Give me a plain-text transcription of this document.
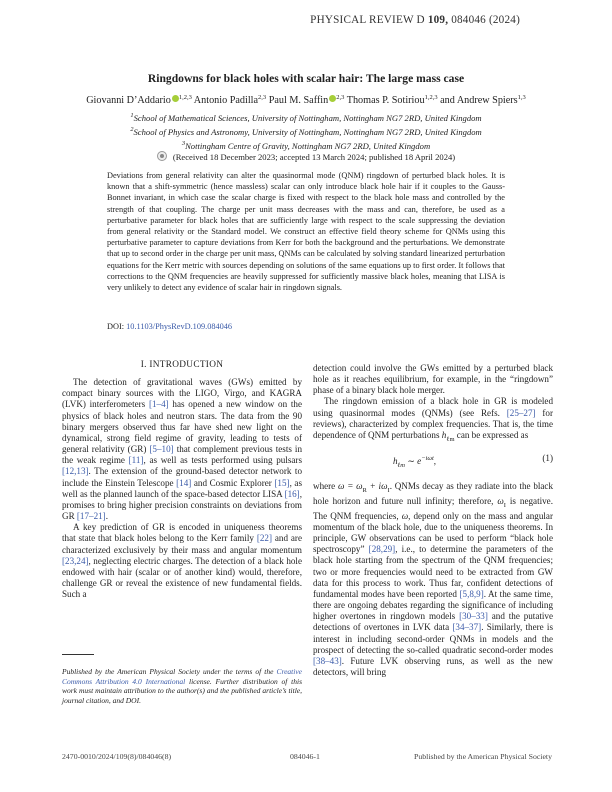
PHYSICAL REVIEW D 109, 084046 (2024)
Ringdowns for black holes with scalar hair: The large mass case
Giovanni D’Addario $^{1,2,3}$ Antonio Padilla$^{2,3}$ Paul M. Saffin $^{2,3}$ Thomas P. Sotiriou$^{1,2,3}$ and Andrew Spiers$^{1,3}$
$^1$School of Mathematical Sciences, University of Nottingham, Nottingham NG7 2RD, United Kingdom
$^2$School of Physics and Astronomy, University of Nottingham, Nottingham NG7 2RD, United Kingdom
$^3$Nottingham Centre of Gravity, Nottingham NG7 2RD, United Kingdom
(Received 18 December 2023; accepted 13 March 2024; published 18 April 2024)
Deviations from general relativity can alter the quasinormal mode (QNM) ringdown of perturbed black holes. It is known that a shift-symmetric (hence massless) scalar can only introduce black hole hair if it couples to the Gauss-Bonnet invariant, in which case the scalar charge is fixed with respect to the black hole mass and controlled by the strength of that coupling. The charge per unit mass decreases with the mass and can, therefore, be used as a perturbative parameter for black holes that are sufficiently large with respect to the scale suppressing the deviation from general relativity or the Standard model. We construct an effective field theory scheme for QNMs using this perturbative parameter to capture deviations from Kerr for both the background and the perturbations. We demonstrate that up to second order in the charge per unit mass, QNMs can be calculated by solving standard linearized perturbation equations for the Kerr metric with sources depending on solutions of the same equations up to first order. It follows that corrections to the QNM frequencies are heavily suppressed for sufficiently massive black holes, meaning that LISA is very unlikely to detect any evidence of scalar hair in ringdown signals.
DOI: 10.1103/PhysRevD.109.084046
I. INTRODUCTION

The detection of gravitational waves (GWs) emitted by compact binary sources with the LIGO, Virgo, and KAGRA (LVK) interferometers [1–4] has opened a new window on the physics of black holes and neutron stars. The data from the 90 binary mergers observed thus far have shed new light on the dynamical, strong field regime of gravity, leading to tests of general relativity (GR) [5–10] that complement previous tests in the weak regime [11], as well as tests performed using pulsars [12,13]. The extension of the ground-based detector network to include the Einstein Telescope [14] and Cosmic Explorer [15], as well as the planned launch of the space-based detector LISA [16], promises to bring higher precision constraints on deviations from GR [17–21].

A key prediction of GR is encoded in uniqueness theorems that state that black holes belong to the Kerr family [22] and are characterized exclusively by their mass and angular momentum [23,24], neglecting electric charges. The detection of a black hole endowed with hair (scalar or of another kind) would, therefore, challenge GR or reveal the existence of new fundamental fields. Such a

Published by the American Physical Society under the terms of the Creative Commons Attribution 4.0 International license. Further distribution of this work must maintain attribution to the author(s) and the published article’s title, journal citation, and DOI.

detection could involve the GWs emitted by a perturbed black hole as it reaches equilibrium, for example, in the “ringdown” phase of a binary black hole merger.

The ringdown emission of a black hole in GR is modeled using quasinormal modes (QNMs) (see Refs. [25–27] for reviews), characterized by complex frequencies. That is, the time dependence of QNM perturbations $h_{\ell m}$ can be expressed as

$h_{\ell m}$ ∼ $e^{-i\omega t}$,	(1)

where $\omega = \omega_R + i\omega_I$. QNMs decay as they radiate into the black hole horizon and future null infinity; therefore, $\omega_I$ is negative. The QNM frequencies, ω, depend only on the mass and angular momentum of the black hole, due to the uniqueness theorems. In principle, GW observations can be used to perform “black hole spectroscopy” [28,29], i.e., to determine the parameters of the black hole starting from the spectrum of the QNM frequencies; two or more frequencies would need to be extracted from GW data for this process to work. Thus far, confident detections of fundamental modes have been reported [5,8,9]. At the same time, there are ongoing debates regarding the significance of including higher overtones in ringdown models [30–33] and the putative detections of overtones in LVK data [34–37]. Similarly, there is interest in including second-order QNMs in models and the prospect of detecting the so-called quadratic second-order modes [38–43]. Future LVK observing runs, as well as the new detectors, will bring

2470-0010/2024/109(8)/084046(8)	084046-1	Published by the American Physical Society
